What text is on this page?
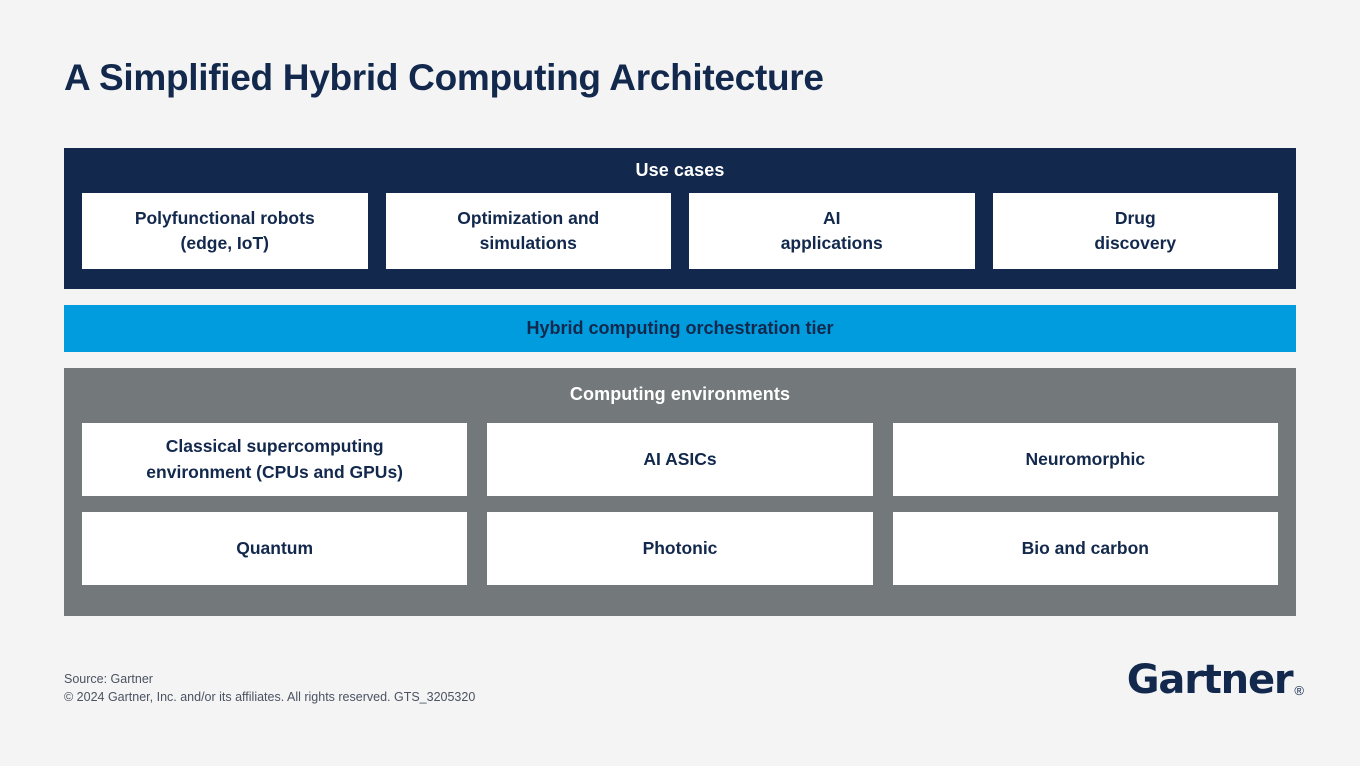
A Simplified Hybrid Computing Architecture
Use cases
Polyfunctional robots
(edge, IoT)
Optimization and
simulations
AI
applications
Drug
discovery
Hybrid computing orchestration tier
Computing environments
Classical supercomputing
environment (CPUs and GPUs)
AI ASICs	Neuromorphic
Quantum	Photonic	Bio and carbon
Source: Gartner
© 2024 Gartner, Inc. and/or its affiliates. All rights reserved. GTS_3205320	Gartner ®
